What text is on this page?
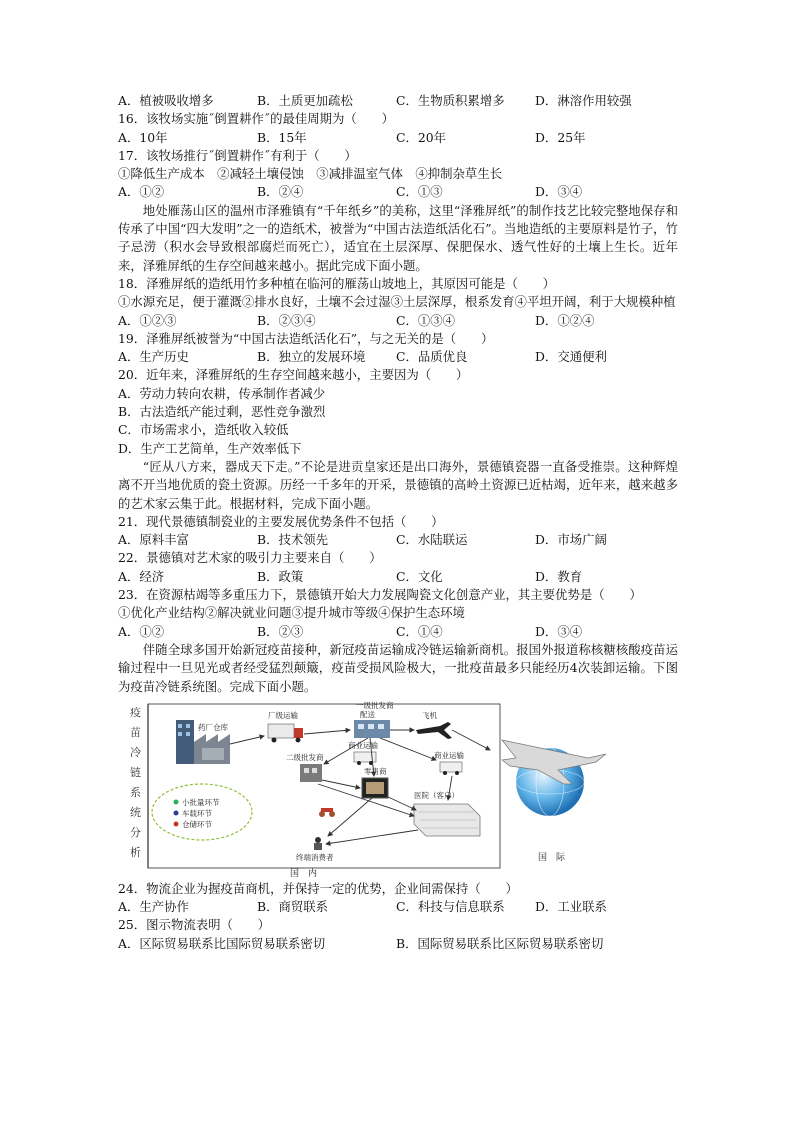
A．植被吸收增多	B．土质更加疏松	C．生物质积累增多	D．淋溶作用较强
16．该牧场实施˝倒置耕作˝的最佳周期为（　　）
A．10年	B．15年	C．20年	D．25年
17．该牧场推行˝倒置耕作˝有利于（　　）
①降低生产成本　②减轻土壤侵蚀　③减排温室气体　④抑制杂草生长
A．①②	B．②④	C．①③	D．③④
地处雁荡山区的温州市泽雅镇有“千年纸乡”的美称，这里“泽雅屏纸”的制作技艺比较完整地保存和传承了中国“四大发明”之一的造纸术，被誉为“中国古法造纸活化石”。当地造纸的主要原料是竹子，竹子忌涝（积水会导致根部腐烂而死亡），适宜在土层深厚、保肥保水、透气性好的土壤上生长。近年来，泽雅屏纸的生存空间越来越小。据此完成下面小题。
18．泽雅屏纸的造纸用竹多种植在临河的雁荡山坡地上，其原因可能是（　　）
①水源充足，便于灌溉②排水良好，土壤不会过湿③土层深厚，根系发育④平坦开阔，利于大规模种植
A．①②③	B．②③④	C．①③④	D．①②④
19．泽雅屏纸被誉为“中国古法造纸活化石”，与之无关的是（　　）
A．生产历史	B．独立的发展环境	C．品质优良	D．交通便利
20．近年来，泽雅屏纸的生存空间越来越小，主要因为（　　）
A．劳动力转向农耕，传承制作者减少
B．古法造纸产能过剩，恶性竞争激烈
C．市场需求小，造纸收入较低
D．生产工艺简单，生产效率低下
“匠从八方来，器成天下走。”不论是进贡皇家还是出口海外，景德镇瓷器一直备受推崇。这种辉煌离不开当地优质的瓷土资源。历经一千多年的开采，景德镇的高岭土资源已近枯竭，近年来，越来越多的艺术家云集于此。根据材料，完成下面小题。
21．现代景德镇制瓷业的主要发展优势条件不包括（　　）
A．原料丰富	B．技术领先	C．水陆联运	D．市场广阔
22．景德镇对艺术家的吸引力主要来自（　　）
A．经济	B．政策	C．文化	D．教育
23．在资源枯竭等多重压力下，景德镇开始大力发展陶瓷文化创意产业，其主要优势是（　　）
①优化产业结构②解决就业问题③提升城市等级④保护生态环境
A．①②	B．②③	C．①④	D．③④
伴随全球多国开始新冠疫苗接种，新冠疫苗运输成冷链运输新商机。报国外报道称核糖核酸疫苗运输过程中一旦见光或者经受猛烈颠簸，疫苗受损风险极大，一批疫苗最多只能经历4次装卸运输。下图为疫苗冷链系统图。完成下面小题。
疫
苗
冷
链
系
统
分
析
药厂仓库
厂级运输
一级批发商
配送	飞机
二级批发商
商业运输
零售商
商业运输
医院（客户）
终端消费者
小批量环节
车载环节
仓储环节
国　内
国　际
24．物流企业为握疫苗商机，并保持一定的优势，企业间需保持（　　）
A．生产协作	B．商贸联系	C．科技与信息联系	D．工业联系
25．图示物流表明（　　）
A．区际贸易联系比国际贸易联系密切	B．国际贸易联系比区际贸易联系密切
